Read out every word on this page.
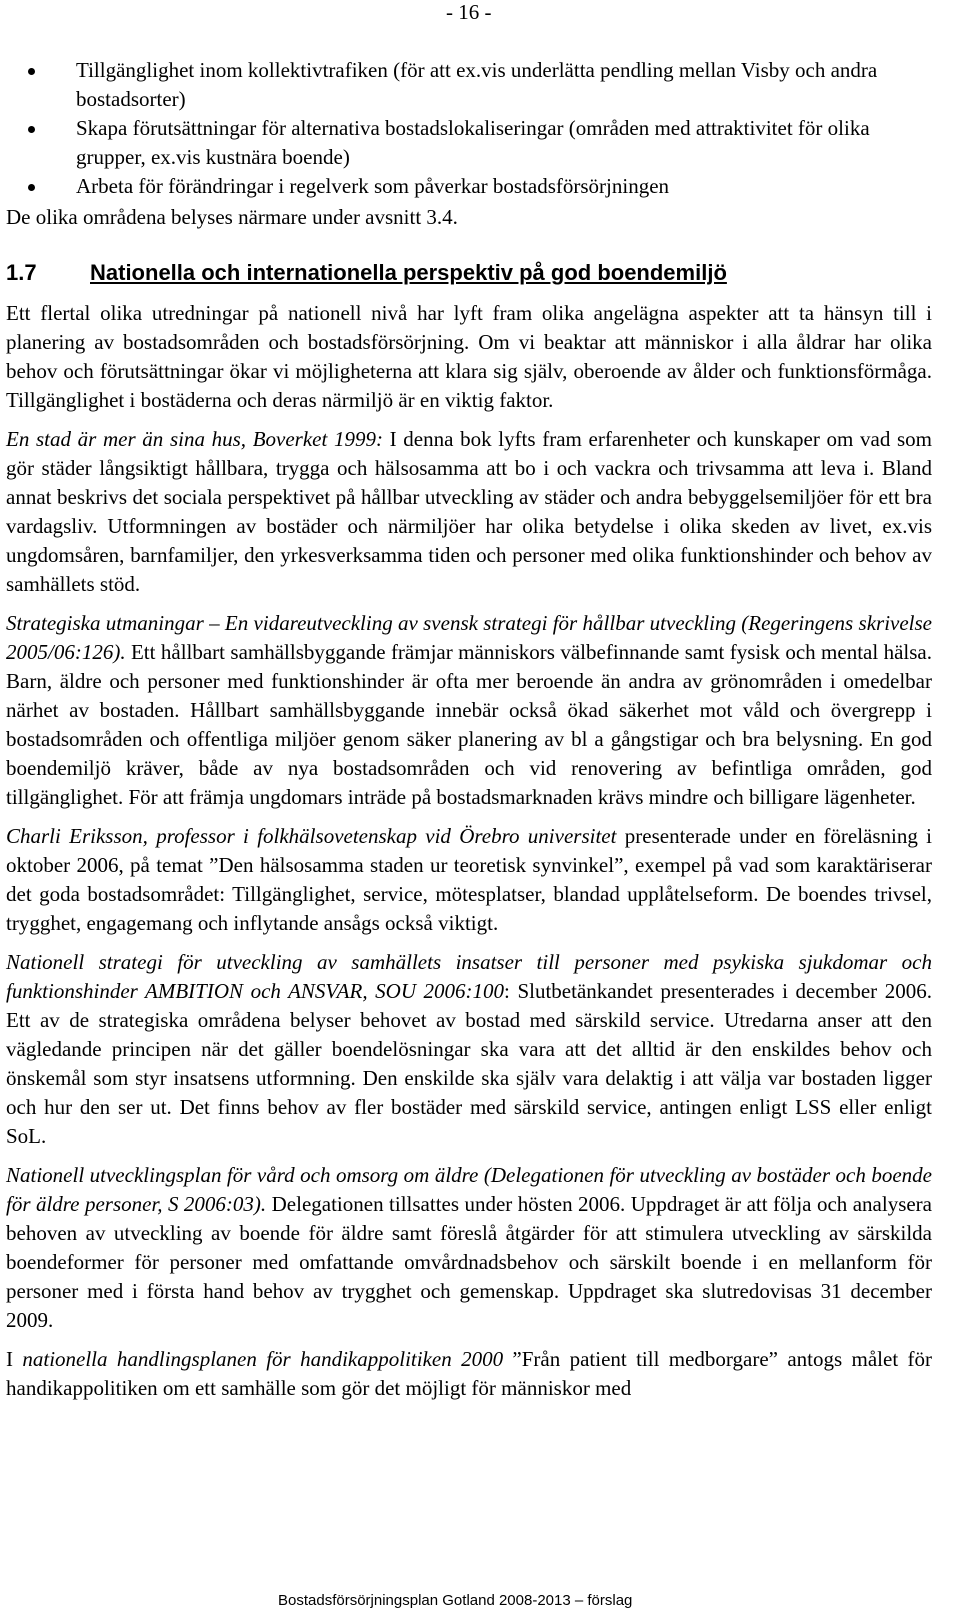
- 16 -
Tillgänglighet inom kollektivtrafiken (för att ex.vis underlätta pendling mellan Visby och andra bostadsorter)
Skapa förutsättningar för alternativa bostadslokaliseringar (områden med attraktivitet för olika grupper, ex.vis kustnära boende)
Arbeta för förändringar i regelverk som påverkar bostadsförsörjningen

De olika områdena belyses närmare under avsnitt 3.4.

1.7 Nationella och internationella perspektiv på god boendemiljö

Ett flertal olika utredningar på nationell nivå har lyft fram olika angelägna aspekter att ta hänsyn till i planering av bostadsområden och bostadsförsörjning. Om vi beaktar att människor i alla åldrar har olika behov och förutsättningar ökar vi möjligheterna att klara sig själv, oberoende av ålder och funktionsförmåga. Tillgänglighet i bostäderna och deras närmiljö är en viktig faktor.

En stad är mer än sina hus, Boverket 1999: I denna bok lyfts fram erfarenheter och kunskaper om vad som gör städer långsiktigt hållbara, trygga och hälsosamma att bo i och vackra och trivsamma att leva i. Bland annat beskrivs det sociala perspektivet på hållbar utveckling av städer och andra bebyggelsemiljöer för ett bra vardagsliv. Utformningen av bostäder och närmiljöer har olika betydelse i olika skeden av livet, ex.vis ungdomsåren, barnfamiljer, den yrkesverksamma tiden och personer med olika funktionshinder och behov av samhällets stöd.

Strategiska utmaningar – En vidareutveckling av svensk strategi för hållbar utveckling (Regeringens skrivelse 2005/06:126). Ett hållbart samhällsbyggande främjar människors välbefinnande samt fysisk och mental hälsa. Barn, äldre och personer med funktionshinder är ofta mer beroende än andra av grönområden i omedelbar närhet av bostaden. Hållbart samhällsbyggande innebär också ökad säkerhet mot våld och övergrepp i bostadsområden och offentliga miljöer genom säker planering av bl a gångstigar och bra belysning. En god boendemiljö kräver, både av nya bostadsområden och vid renovering av befintliga områden, god tillgänglighet. För att främja ungdomars inträde på bostadsmarknaden krävs mindre och billigare lägenheter.

Charli Eriksson, professor i folkhälsovetenskap vid Örebro universitet presenterade under en föreläsning i oktober 2006, på temat ”Den hälsosamma staden ur teoretisk synvinkel”, exempel på vad som karaktäriserar det goda bostadsområdet: Tillgänglighet, service, mötesplatser, blandad upplåtelseform. De boendes trivsel, trygghet, engagemang och inflytande ansågs också viktigt.

Nationell strategi för utveckling av samhällets insatser till personer med psykiska sjukdomar och funktionshinder AMBITION och ANSVAR, SOU 2006:100: Slutbetänkandet presenterades i december 2006. Ett av de strategiska områdena belyser behovet av bostad med särskild service. Utredarna anser att den vägledande principen när det gäller boendelösningar ska vara att det alltid är den enskildes behov och önskemål som styr insatsens utformning. Den enskilde ska själv vara delaktig i att välja var bostaden ligger och hur den ser ut. Det finns behov av fler bostäder med särskild service, antingen enligt LSS eller enligt SoL.

Nationell utvecklingsplan för vård och omsorg om äldre (Delegationen för utveckling av bostäder och boende för äldre personer, S 2006:03). Delegationen tillsattes under hösten 2006. Uppdraget är att följa och analysera behoven av utveckling av boende för äldre samt föreslå åtgärder för att stimulera utveckling av särskilda boendeformer för personer med omfattande omvårdnadsbehov och särskilt boende i en mellanform för personer med i första hand behov av trygghet och gemenskap. Uppdraget ska slutredovisas 31 december 2009.

I nationella handlingsplanen för handikappolitiken 2000 ”Från patient till medborgare” antogs målet för handikappolitiken om ett samhälle som gör det möjligt för människor med

Bostadsförsörjningsplan Gotland 2008-2013 – förslag
